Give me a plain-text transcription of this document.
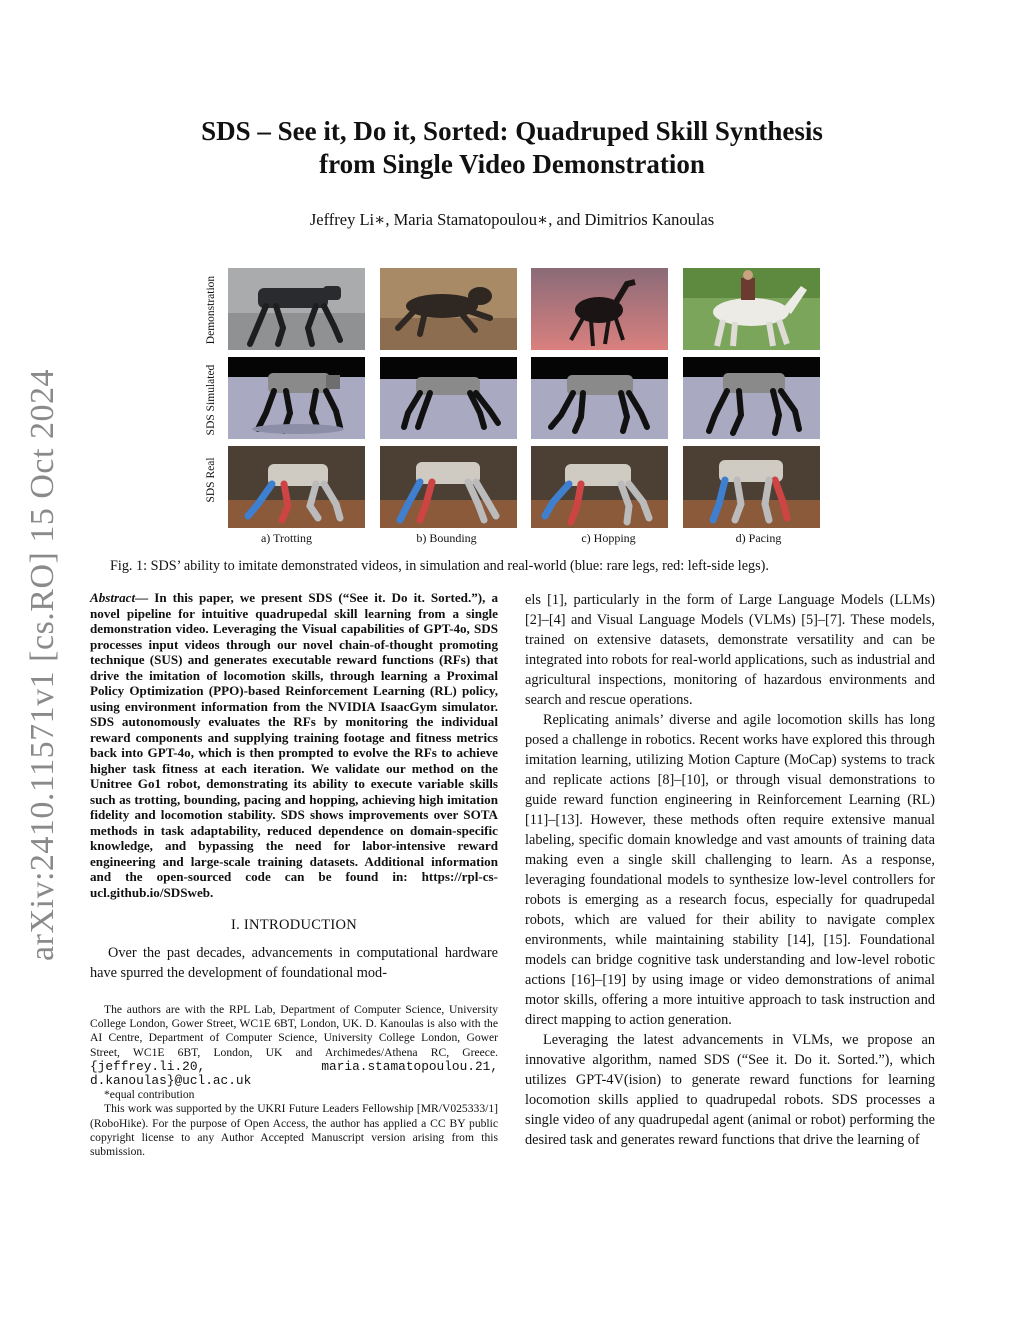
arXiv:2410.11571v1 [cs.RO] 15 Oct 2024
SDS – See it, Do it, Sorted: Quadruped Skill Synthesis
from Single Video Demonstration
Jeffrey Li∗, Maria Stamatopoulou∗, and Dimitrios Kanoulas
Demonstration
SDS Simulated
SDS Real
a) Trotting	b) Bounding	c) Hopping	d) Pacing
Fig. 1: SDS’ ability to imitate demonstrated videos, in simulation and real-world (blue: rare legs, red: left-side legs).
Abstract— In this paper, we present SDS (“See it. Do it. Sorted.”), a novel pipeline for intuitive quadrupedal skill learning from a single demonstration video. Leveraging the Visual capabilities of GPT-4o, SDS processes input videos through our novel chain-of-thought promoting technique (SUS) and generates executable reward functions (RFs) that drive the imitation of locomotion skills, through learning a Proximal Policy Optimization (PPO)-based Reinforcement Learning (RL) policy, using environment information from the NVIDIA IsaacGym simulator. SDS autonomously evaluates the RFs by monitoring the individual reward components and supplying training footage and fitness metrics back into GPT-4o, which is then prompted to evolve the RFs to achieve higher task fitness at each iteration. We validate our method on the Unitree Go1 robot, demonstrating its ability to execute variable skills such as trotting, bounding, pacing and hopping, achieving high imitation fidelity and locomotion stability. SDS shows improvements over SOTA methods in task adaptability, reduced dependence on domain-specific knowledge, and bypassing the need for labor-intensive reward engineering and large-scale training datasets. Additional information and the open-sourced code can be found in: https://rpl-cs-ucl.github.io/SDSweb.
I. INTRODUCTION

Over the past decades, advancements in computational hardware have spurred the development of foundational mod-

The authors are with the RPL Lab, Department of Computer Science, University College London, Gower Street, WC1E 6BT, London, UK. D. Kanoulas is also with the AI Centre, Department of Computer Science, University College London, Gower Street, WC1E 6BT, London, UK and Archimedes/Athena RC, Greece. {jeffrey.li.20, maria.stamatopoulou.21, d.kanoulas}@ucl.ac.uk
*equal contribution
This work was supported by the UKRI Future Leaders Fellowship [MR/V025333/1] (RoboHike). For the purpose of Open Access, the author has applied a CC BY public copyright license to any Author Accepted Manuscript version arising from this submission.

els [1], particularly in the form of Large Language Models (LLMs) [2]–[4] and Visual Language Models (VLMs) [5]–[7]. These models, trained on extensive datasets, demonstrate versatility and can be integrated into robots for real-world applications, such as industrial and agricultural inspections, monitoring of hazardous environments and search and rescue operations.

Replicating animals’ diverse and agile locomotion skills has long posed a challenge in robotics. Recent works have explored this through imitation learning, utilizing Motion Capture (MoCap) systems to track and replicate actions [8]–[10], or through visual demonstrations to guide reward function engineering in Reinforcement Learning (RL) [11]–[13]. However, these methods often require extensive manual labeling, specific domain knowledge and vast amounts of training data making even a single skill challenging to learn. As a response, leveraging foundational models to synthesize low-level controllers for robots is emerging as a research focus, especially for quadrupedal robots, which are valued for their ability to navigate complex environments, while maintaining stability [14], [15]. Foundational models can bridge cognitive task understanding and low-level robotic actions [16]–[19] by using image or video demonstrations of animal motor skills, offering a more intuitive approach to task instruction and direct mapping to action generation.

Leveraging the latest advancements in VLMs, we propose an innovative algorithm, named SDS (“See it. Do it. Sorted.”), which utilizes GPT-4V(ision) to generate reward functions for learning locomotion skills applied to quadrupedal robots. SDS processes a single video of any quadrupedal agent (animal or robot) performing the desired task and generates reward functions that drive the learning of
